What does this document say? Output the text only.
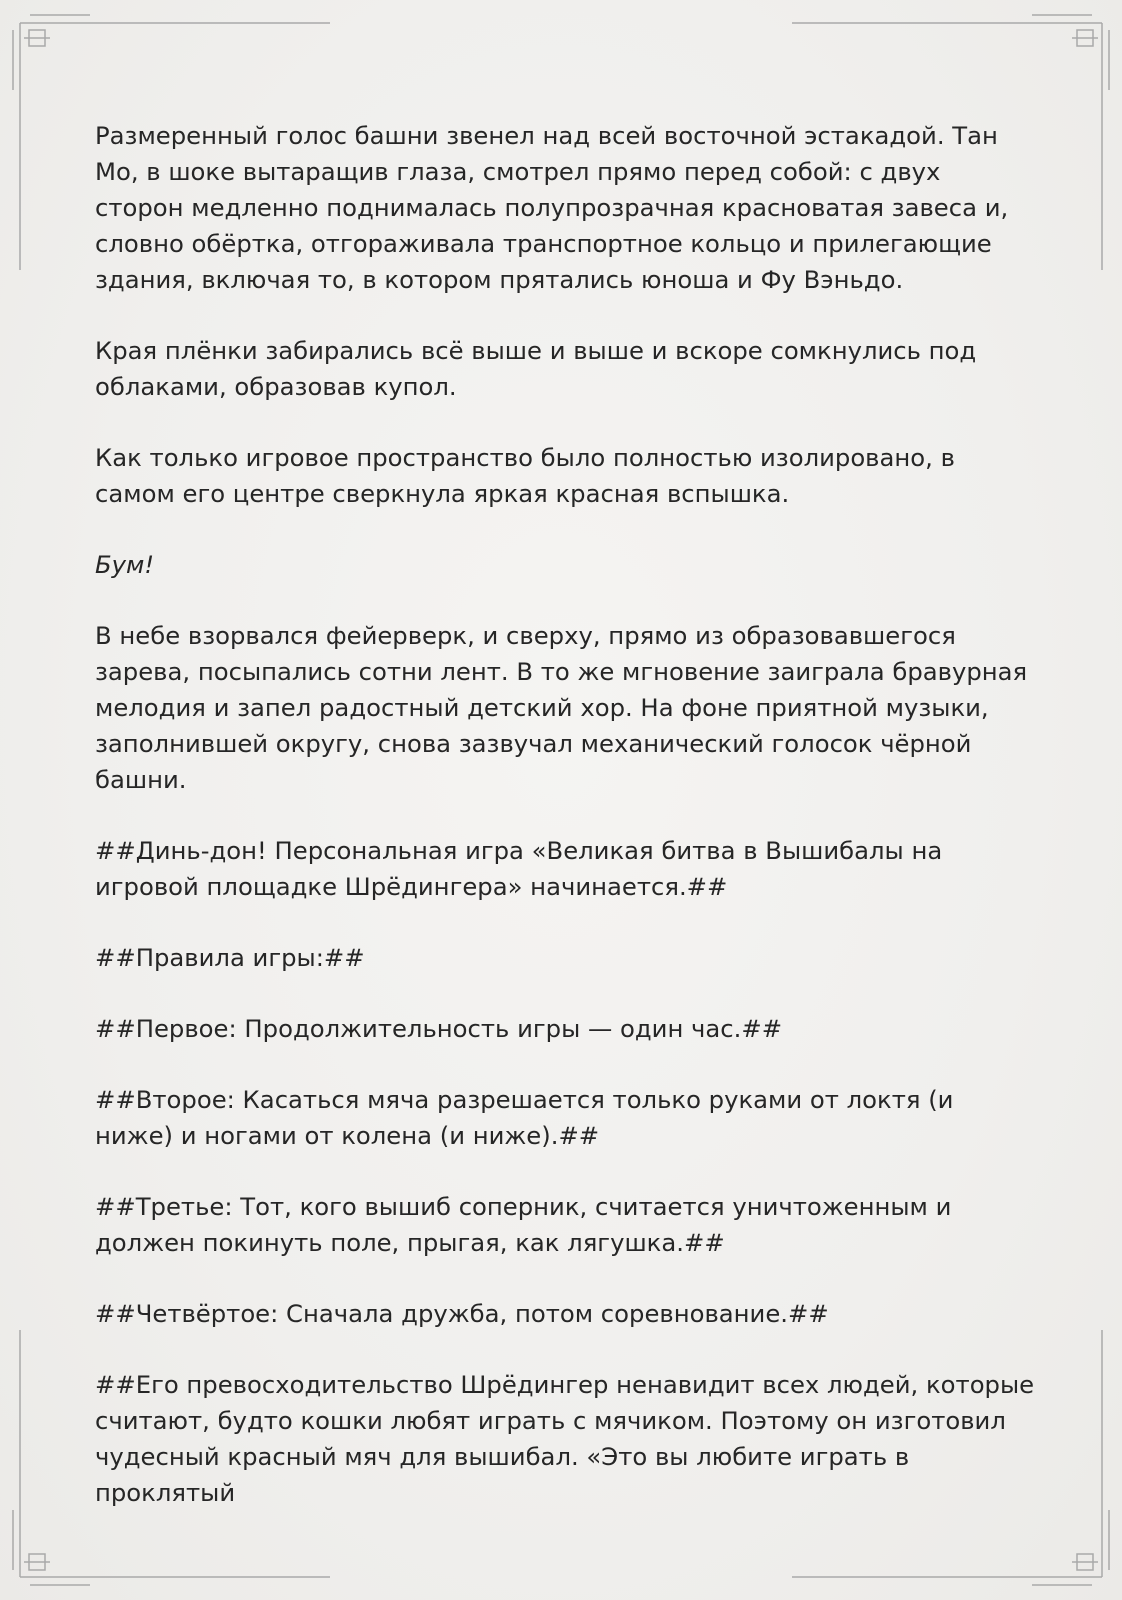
Размеренный голос башни звенел над всей восточной эстакадой. Тан Мо, в шоке вытаращив глаза, смотрел прямо перед собой: с двух сторон медленно поднималась полупрозрачная красноватая завеса и, словно обёртка, отгораживала транспортное кольцо и прилегающие здания, включая то, в котором прятались юноша и Фу Вэньдо.

Края плёнки забирались всё выше и выше и вскоре сомкнулись под облаками, образовав купол.

Как только игровое пространство было полностью изолировано, в самом его центре сверкнула яркая красная вспышка.

Бум!

В небе взорвался фейерверк, и сверху, прямо из образовавшегося зарева, посыпались сотни лент. В то же мгновение заиграла бравурная мелодия и запел радостный детский хор. На фоне приятной музыки, заполнившей округу, снова зазвучал механический голосок чёрной башни.

##Динь-дон! Персональная игра «Великая битва в Вышибалы на игровой площадке Шрёдингера» начинается.##

##Правила игры:##

##Первое: Продолжительность игры — один час.##

##Второе: Касаться мяча разрешается только руками от локтя (и ниже) и ногами от колена (и ниже).##

##Третье: Тот, кого вышиб соперник, считается уничтоженным и должен покинуть поле, прыгая, как лягушка.##

##Четвёртое: Сначала дружба, потом соревнование.##

##Его превосходительство Шрёдингер ненавидит всех людей, которые считают, будто кошки любят играть с мячиком. Поэтому он изготовил чудесный красный мяч для вышибал. «Это вы любите играть в проклятый
